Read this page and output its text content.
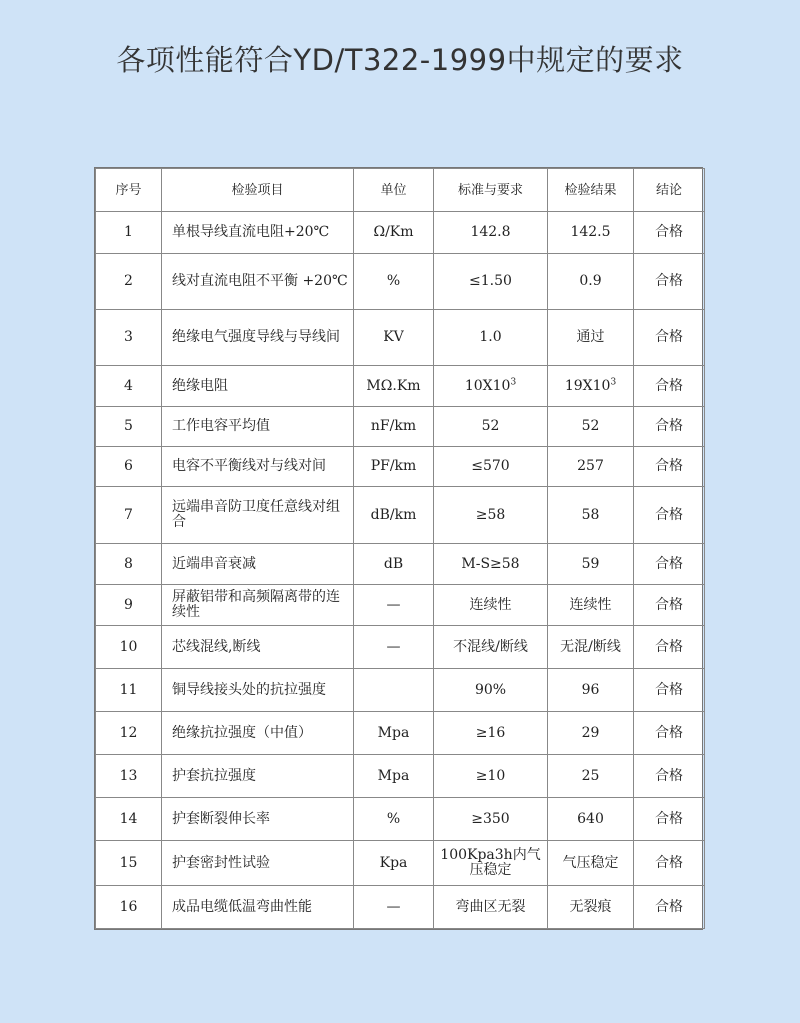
各项性能符合YD/T322-1999中规定的要求
序号	检验项目	单位	标准与要求	检验结果	结论
1	单根导线直流电阻+20℃	Ω/Km	142.8	142.5	合格
2	线对直流电阻不平衡 +20℃	%	≤1.50	0.9	合格
3	绝缘电气强度导线与导线间	KV	1.0	通过	合格
4	绝缘电阻	MΩ.Km	$10X10^3$	$19X10^3$	合格
5	工作电容平均值	nF/km	52	52	合格
6	电容不平衡线对与线对间	PF/km	≤570	257	合格
7	远端串音防卫度任意线对组合	dB/km	≥58	58	合格
8	近端串音衰减	dB	M-S≥58	59	合格
9	屏蔽铝带和高频隔离带的连续性	—	连续性	连续性	合格
10	芯线混线,断线	—	不混线/断线	无混/断线	合格
11	铜导线接头处的抗拉强度		90%	96	合格
12	绝缘抗拉强度（中值）	Mpa	≥16	29	合格
13	护套抗拉强度	Mpa	≥10	25	合格
14	护套断裂伸长率	%	≥350	640	合格
15	护套密封性试验	Kpa	100Kpa3h内气压稳定	气压稳定	合格
16	成品电缆低温弯曲性能	—	弯曲区无裂	无裂痕	合格
